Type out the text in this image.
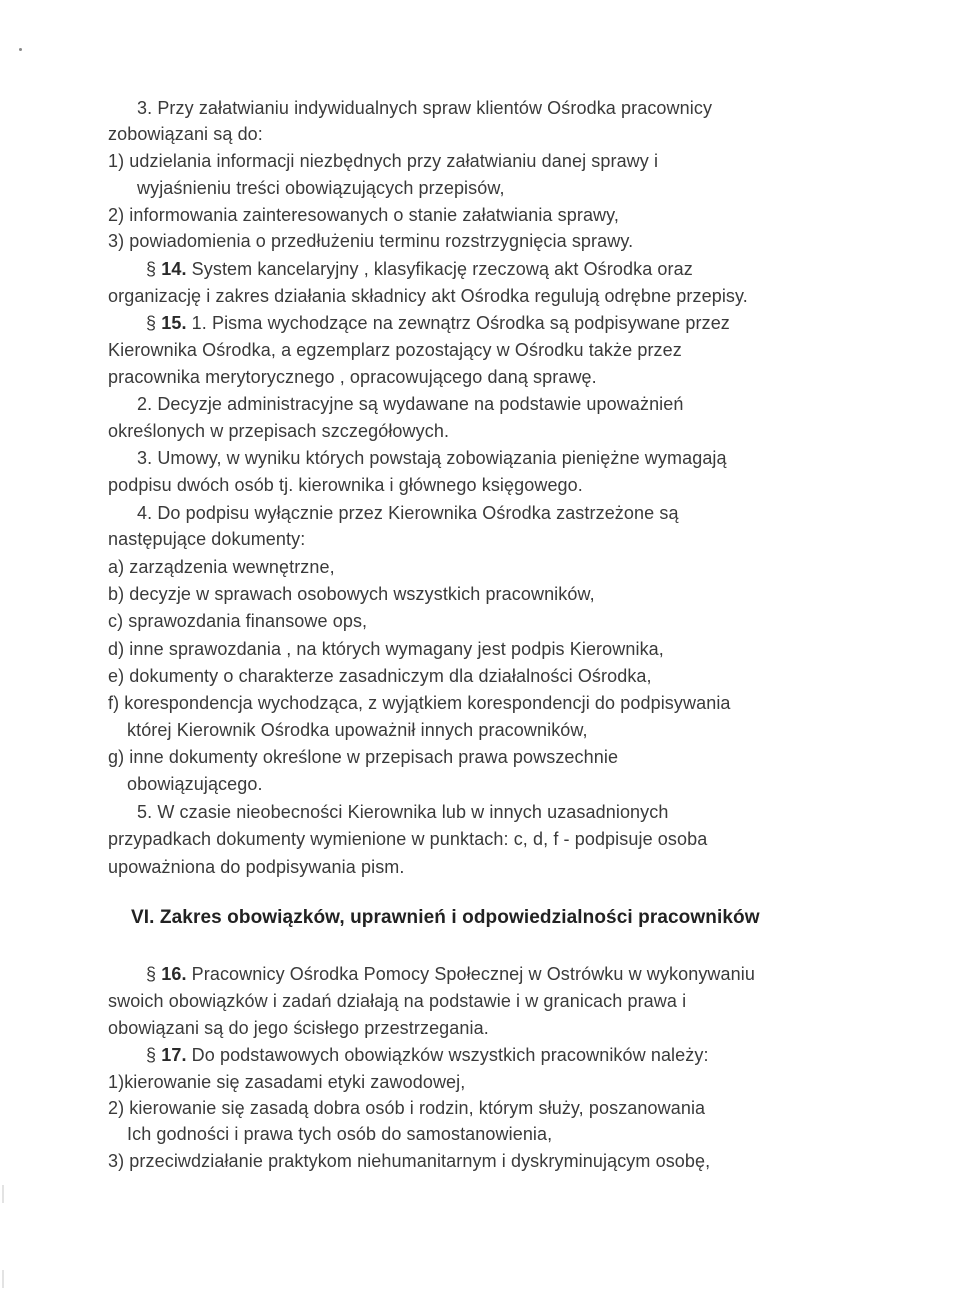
3. Przy załatwianiu indywidualnych spraw klientów Ośrodka pracownicy
zobowiązani są do:
1) udzielania informacji niezbędnych przy załatwianiu danej sprawy i
wyjaśnieniu treści obowiązujących przepisów,
2) informowania zainteresowanych o stanie załatwiania sprawy,
3) powiadomienia o przedłużeniu terminu rozstrzygnięcia sprawy.
§ 14. System kancelaryjny , klasyfikację rzeczową akt Ośrodka oraz
organizację i zakres działania składnicy akt Ośrodka regulują odrębne przepisy.
§ 15. 1. Pisma wychodzące na zewnątrz Ośrodka są podpisywane przez
Kierownika Ośrodka, a egzemplarz pozostający w Ośrodku także przez
pracownika merytorycznego , opracowującego daną sprawę.
2. Decyzje administracyjne są wydawane na podstawie upoważnień
określonych w przepisach szczegółowych.
3. Umowy, w wyniku których powstają zobowiązania pieniężne wymagają
podpisu dwóch osób tj. kierownika i głównego księgowego.
4. Do podpisu wyłącznie przez Kierownika Ośrodka zastrzeżone są
następujące dokumenty:
a) zarządzenia wewnętrzne,
b) decyzje w sprawach osobowych wszystkich pracowników,
c) sprawozdania finansowe ops,
d) inne sprawozdania , na których wymagany jest podpis Kierownika,
e) dokumenty o charakterze zasadniczym dla działalności Ośrodka,
f) korespondencja wychodząca, z wyjątkiem korespondencji do podpisywania
której Kierownik Ośrodka upoważnił innych pracowników,
g) inne dokumenty określone w przepisach prawa powszechnie
obowiązującego.
5. W czasie nieobecności Kierownika lub w innych uzasadnionych
przypadkach dokumenty wymienione w punktach: c, d, f - podpisuje osoba
upoważniona do podpisywania pism.
VI. Zakres obowiązków, uprawnień i odpowiedzialności pracowników
§ 16. Pracownicy Ośrodka Pomocy Społecznej w Ostrówku w wykonywaniu
swoich obowiązków i zadań działają na podstawie i w granicach prawa i
obowiązani są do jego ścisłego przestrzegania.
§ 17. Do podstawowych obowiązków wszystkich pracowników należy:
1)kierowanie się zasadami etyki zawodowej,
2) kierowanie się zasadą dobra osób i rodzin, którym służy, poszanowania
Ich godności i prawa tych osób do samostanowienia,
3) przeciwdziałanie praktykom niehumanitarnym i dyskryminującym osobę,
